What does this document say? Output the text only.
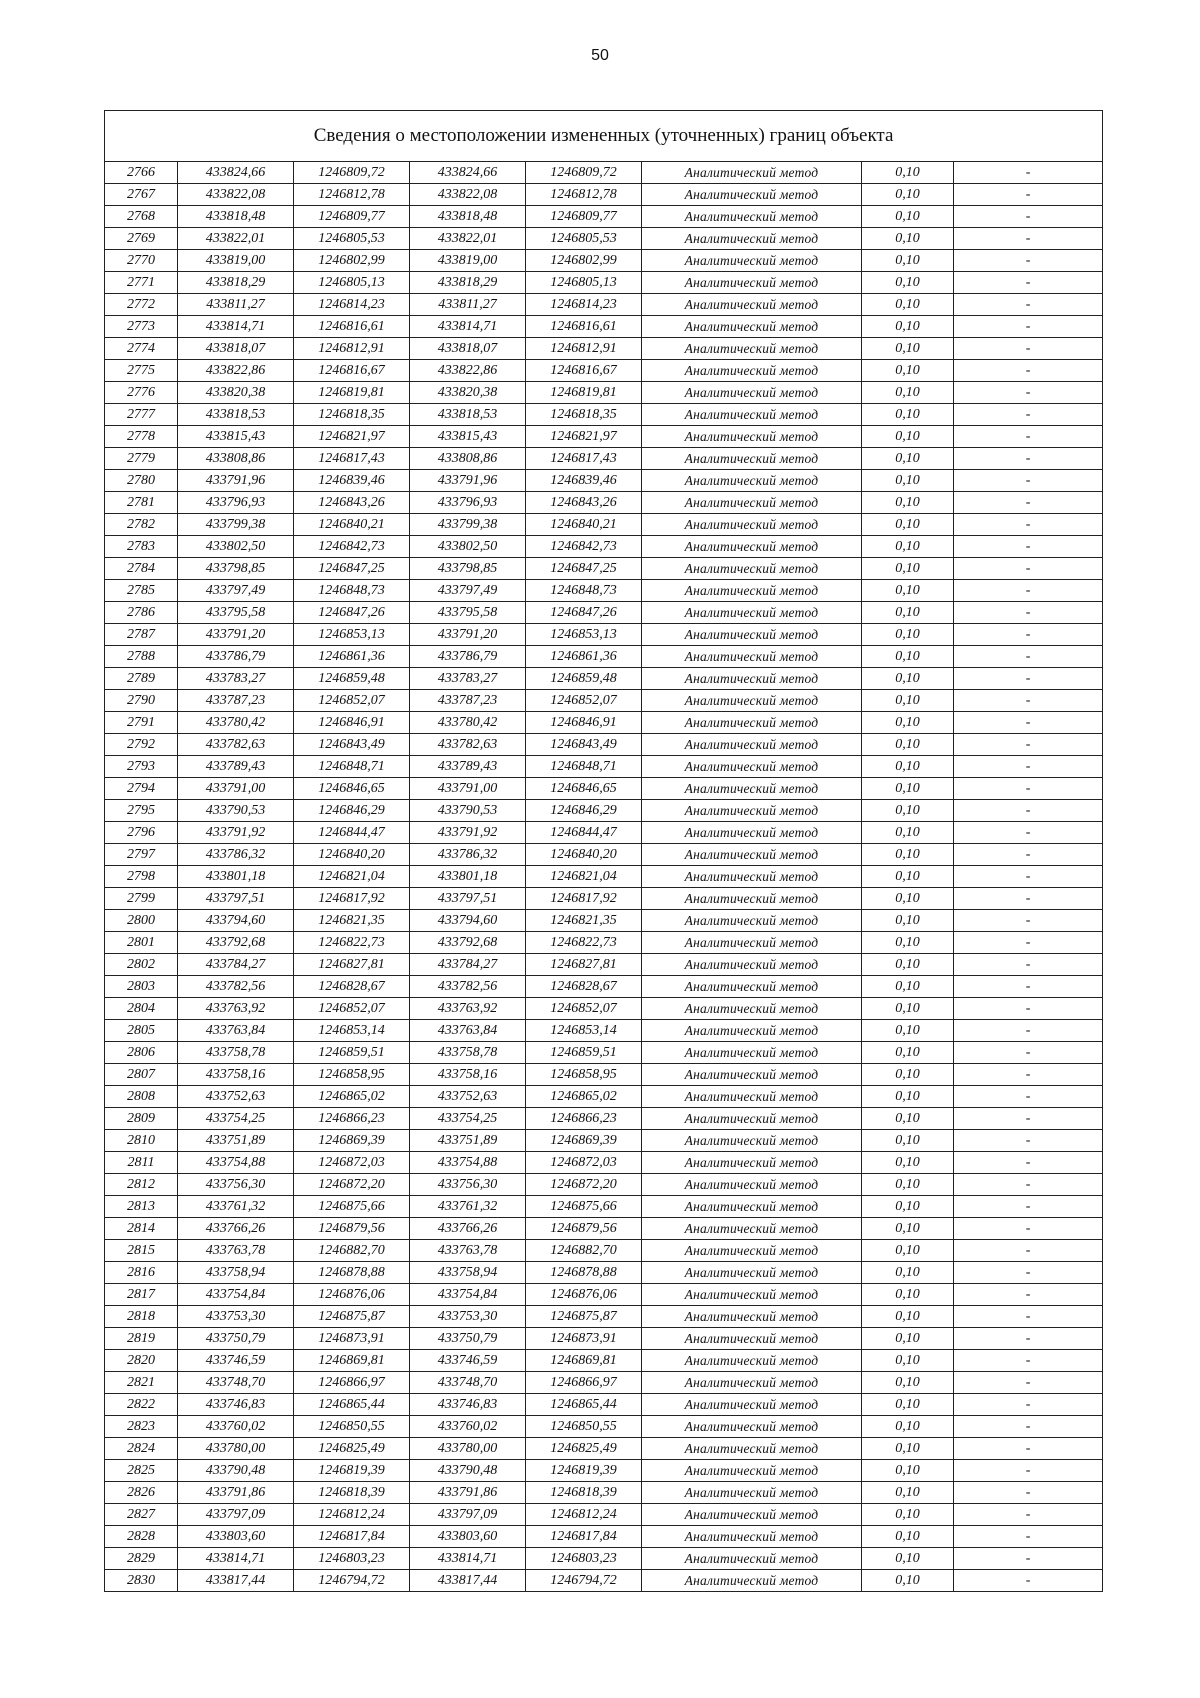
50
Сведения о местоположении измененных (уточненных) границ объекта							
2766	433824,66	1246809,72	433824,66	1246809,72	Аналитический метод	0,10	-
2767	433822,08	1246812,78	433822,08	1246812,78	Аналитический метод	0,10	-
2768	433818,48	1246809,77	433818,48	1246809,77	Аналитический метод	0,10	-
2769	433822,01	1246805,53	433822,01	1246805,53	Аналитический метод	0,10	-
2770	433819,00	1246802,99	433819,00	1246802,99	Аналитический метод	0,10	-
2771	433818,29	1246805,13	433818,29	1246805,13	Аналитический метод	0,10	-
2772	433811,27	1246814,23	433811,27	1246814,23	Аналитический метод	0,10	-
2773	433814,71	1246816,61	433814,71	1246816,61	Аналитический метод	0,10	-
2774	433818,07	1246812,91	433818,07	1246812,91	Аналитический метод	0,10	-
2775	433822,86	1246816,67	433822,86	1246816,67	Аналитический метод	0,10	-
2776	433820,38	1246819,81	433820,38	1246819,81	Аналитический метод	0,10	-
2777	433818,53	1246818,35	433818,53	1246818,35	Аналитический метод	0,10	-
2778	433815,43	1246821,97	433815,43	1246821,97	Аналитический метод	0,10	-
2779	433808,86	1246817,43	433808,86	1246817,43	Аналитический метод	0,10	-
2780	433791,96	1246839,46	433791,96	1246839,46	Аналитический метод	0,10	-
2781	433796,93	1246843,26	433796,93	1246843,26	Аналитический метод	0,10	-
2782	433799,38	1246840,21	433799,38	1246840,21	Аналитический метод	0,10	-
2783	433802,50	1246842,73	433802,50	1246842,73	Аналитический метод	0,10	-
2784	433798,85	1246847,25	433798,85	1246847,25	Аналитический метод	0,10	-
2785	433797,49	1246848,73	433797,49	1246848,73	Аналитический метод	0,10	-
2786	433795,58	1246847,26	433795,58	1246847,26	Аналитический метод	0,10	-
2787	433791,20	1246853,13	433791,20	1246853,13	Аналитический метод	0,10	-
2788	433786,79	1246861,36	433786,79	1246861,36	Аналитический метод	0,10	-
2789	433783,27	1246859,48	433783,27	1246859,48	Аналитический метод	0,10	-
2790	433787,23	1246852,07	433787,23	1246852,07	Аналитический метод	0,10	-
2791	433780,42	1246846,91	433780,42	1246846,91	Аналитический метод	0,10	-
2792	433782,63	1246843,49	433782,63	1246843,49	Аналитический метод	0,10	-
2793	433789,43	1246848,71	433789,43	1246848,71	Аналитический метод	0,10	-
2794	433791,00	1246846,65	433791,00	1246846,65	Аналитический метод	0,10	-
2795	433790,53	1246846,29	433790,53	1246846,29	Аналитический метод	0,10	-
2796	433791,92	1246844,47	433791,92	1246844,47	Аналитический метод	0,10	-
2797	433786,32	1246840,20	433786,32	1246840,20	Аналитический метод	0,10	-
2798	433801,18	1246821,04	433801,18	1246821,04	Аналитический метод	0,10	-
2799	433797,51	1246817,92	433797,51	1246817,92	Аналитический метод	0,10	-
2800	433794,60	1246821,35	433794,60	1246821,35	Аналитический метод	0,10	-
2801	433792,68	1246822,73	433792,68	1246822,73	Аналитический метод	0,10	-
2802	433784,27	1246827,81	433784,27	1246827,81	Аналитический метод	0,10	-
2803	433782,56	1246828,67	433782,56	1246828,67	Аналитический метод	0,10	-
2804	433763,92	1246852,07	433763,92	1246852,07	Аналитический метод	0,10	-
2805	433763,84	1246853,14	433763,84	1246853,14	Аналитический метод	0,10	-
2806	433758,78	1246859,51	433758,78	1246859,51	Аналитический метод	0,10	-
2807	433758,16	1246858,95	433758,16	1246858,95	Аналитический метод	0,10	-
2808	433752,63	1246865,02	433752,63	1246865,02	Аналитический метод	0,10	-
2809	433754,25	1246866,23	433754,25	1246866,23	Аналитический метод	0,10	-
2810	433751,89	1246869,39	433751,89	1246869,39	Аналитический метод	0,10	-
2811	433754,88	1246872,03	433754,88	1246872,03	Аналитический метод	0,10	-
2812	433756,30	1246872,20	433756,30	1246872,20	Аналитический метод	0,10	-
2813	433761,32	1246875,66	433761,32	1246875,66	Аналитический метод	0,10	-
2814	433766,26	1246879,56	433766,26	1246879,56	Аналитический метод	0,10	-
2815	433763,78	1246882,70	433763,78	1246882,70	Аналитический метод	0,10	-
2816	433758,94	1246878,88	433758,94	1246878,88	Аналитический метод	0,10	-
2817	433754,84	1246876,06	433754,84	1246876,06	Аналитический метод	0,10	-
2818	433753,30	1246875,87	433753,30	1246875,87	Аналитический метод	0,10	-
2819	433750,79	1246873,91	433750,79	1246873,91	Аналитический метод	0,10	-
2820	433746,59	1246869,81	433746,59	1246869,81	Аналитический метод	0,10	-
2821	433748,70	1246866,97	433748,70	1246866,97	Аналитический метод	0,10	-
2822	433746,83	1246865,44	433746,83	1246865,44	Аналитический метод	0,10	-
2823	433760,02	1246850,55	433760,02	1246850,55	Аналитический метод	0,10	-
2824	433780,00	1246825,49	433780,00	1246825,49	Аналитический метод	0,10	-
2825	433790,48	1246819,39	433790,48	1246819,39	Аналитический метод	0,10	-
2826	433791,86	1246818,39	433791,86	1246818,39	Аналитический метод	0,10	-
2827	433797,09	1246812,24	433797,09	1246812,24	Аналитический метод	0,10	-
2828	433803,60	1246817,84	433803,60	1246817,84	Аналитический метод	0,10	-
2829	433814,71	1246803,23	433814,71	1246803,23	Аналитический метод	0,10	-
2830	433817,44	1246794,72	433817,44	1246794,72	Аналитический метод	0,10	-
